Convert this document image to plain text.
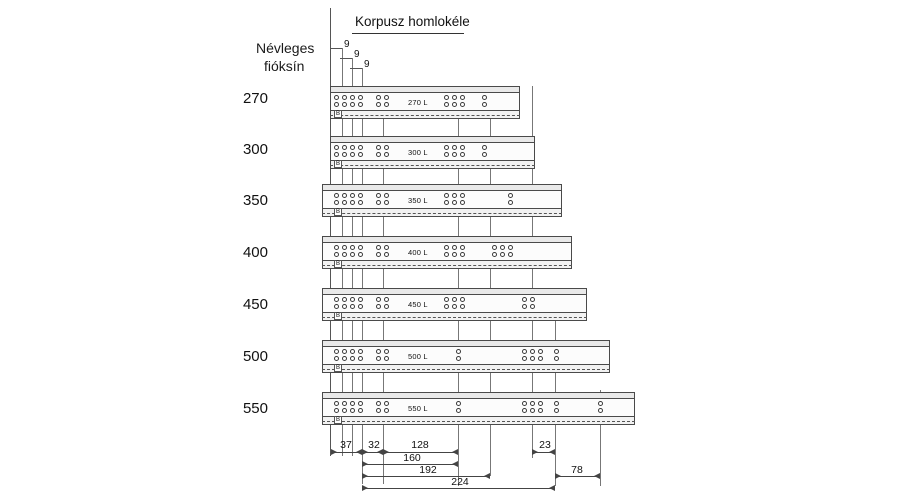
Korpusz homlokéle
Névleges
fióksín
9
9
9
270	270 L
B
300	300 L
B
350	350 L
B
400	400 L
B
450	450 L
B
500	500 L
B
550	550 L
B
37 32	128	23
160
192	78
224
